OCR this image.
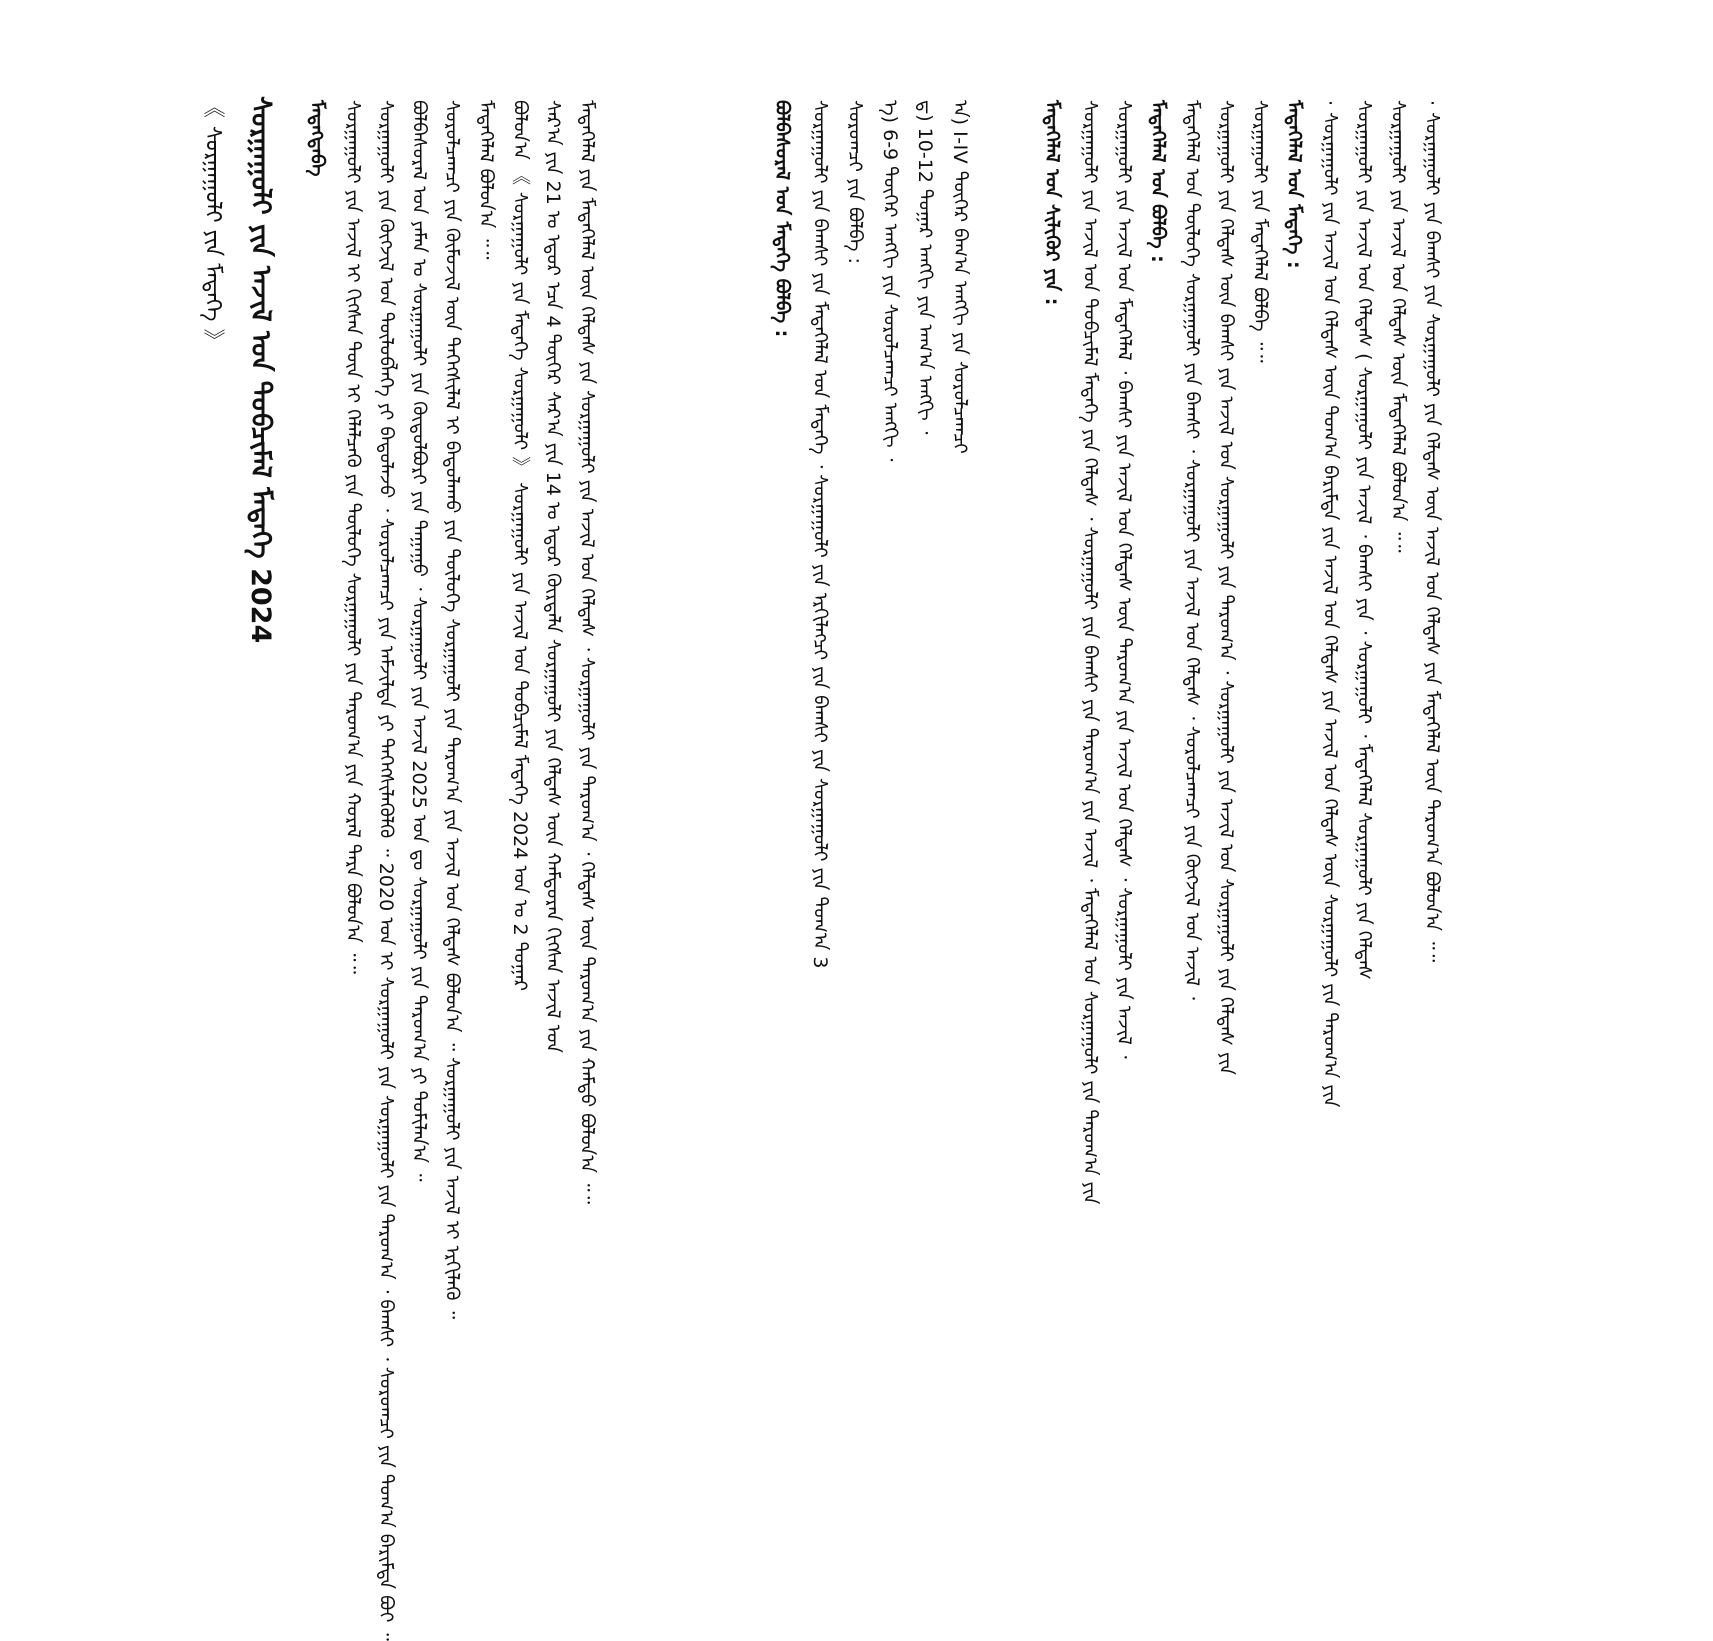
《 ᠰᠤᠷᠭᠠᠭᠤᠯᠢ ᠶᠢᠨ ᠮᠡᠳᠡᠭᠡ 》 ᠰᠤᠷᠭᠠᠭᠤᠯᠢ ᠶᠢᠨ ᠠᠵᠢᠯ ᠤᠨ ᠲᠣᠪᠴᠢᠮᠠᠯ ᠮᠡᠳᠡᠭᠡ 2024 ᠮᠡᠳᠡᠭᠳᠡᠪᠡ ᠰᠤᠷᠭᠠᠭᠤᠯᠢ ᠶᠢᠨ ᠠᠵᠢᠯ ᠢ ᠬᠢᠭᠰᠡᠨ ᠳᠦᠨ ᠢ ᠬᠡᠯᠡᠯᠴᠡᠬᠦ ᠶᠢᠨ ᠲᠥᠯᠥᠭᠡ ᠰᠤᠷᠭᠠᠭᠤᠯᠢ ᠶᠢᠨ ᠳᠠᠷᠤᠭ᠎ᠠ ᠶᠢᠨ ᠬᠤᠷᠠᠯ ᠲᠡᠷᠡ ᠪᠣᠯᠤᠨ᠎ᠠ ᠃᠃ ᠰᠤᠷᠭᠠᠭᠤᠯᠢ ᠶᠢᠨ ᠬᠥᠭᠵᠢᠯ ᠤᠨ ᠲᠥᠯᠥᠪᠯᠡᠭᠡ ᠶᠢ ᠪᠠᠲᠤᠯᠠᠵᠤ ᠂ ᠰᠤᠷᠤᠯᠴᠠᠭᠴᠢ ᠶᠢᠨ ᠠᠮᠵᠢᠯᠲᠠ ᠶᠢ ᠳᠡᠭᠡᠭᠰᠢᠯᠡᠭᠦᠯᠬᠦ ᠃ 2020 ᠣᠨ ᠢ ᠰᠤᠷᠭᠠᠭᠤᠯᠢ ᠶᠢᠨ ᠰᠤᠷᠭᠠᠭᠤᠯᠢ ᠶᠢᠨ ᠳᠠᠷᠤᠭ᠎ᠠ ᠂ ᠪᠠᠭᠰᠢ ᠂ ᠰᠤᠷᠤᠭᠴᠢ ᠶᠢᠨ ᠲᠣᠭ᠎ᠠ ᠪᠠᠷᠢᠮᠲᠠ ᠪᠤᠢ ᠃ ᠪᠣᠯᠪᠠᠰᠤᠷᠠᠯ ᠤᠨ ᠶᠠᠮᠠᠨ ᠤ ᠰᠤᠷᠭᠠᠭᠤᠯᠢ ᠶᠢᠨ ᠬᠥᠲᠦᠯᠪᠦᠷᠢ ᠶᠢᠨ ᠳᠠᠭᠠᠭᠤ ᠂ ᠰᠤᠷᠭᠠᠭᠤᠯᠢ ᠶᠢᠨ ᠠᠵᠢᠯ 2025 ᠣᠨ ᠳᠤ ᠰᠤᠷᠭᠠᠭᠤᠯᠢ ᠶᠢᠨ ᠳᠠᠷᠤᠭ᠎ᠠ ᠶᠢ ᠲᠣᠮᠢᠯᠠᠨ᠎ᠠ ᠃ ᠰᠤᠷᠤᠯᠴᠠᠭᠴᠢ ᠶᠢᠨ ᠬᠦᠮᠦᠵᠢᠯ ᠦᠨ ᠳᠡᠭᠡᠭᠰᠢᠯᠡᠯ ᠢ ᠪᠠᠲᠤᠯᠠᠬᠤ ᠶᠢᠨ ᠲᠥᠯᠥᠭᠡ ᠰᠤᠷᠭᠠᠭᠤᠯᠢ ᠶᠢᠨ ᠳᠠᠷᠤᠭ᠎ᠠ ᠶᠢᠨ ᠠᠵᠢᠯ ᠤᠨ ᠬᠡᠯᠲᠡᠰ ᠪᠣᠯᠤᠨ᠎ᠠ ᠃ ᠰᠤᠷᠭᠠᠭᠤᠯᠢ ᠶᠢᠨ ᠠᠵᠢᠯ ᠢ ᠡᠷᠬᠢᠯᠡᠬᠦ ᠃ ᠮᠡᠳᠡᠭᠡᠯᠡᠯ ᠪᠣᠯᠤᠨ᠎ᠠ ᠃᠃ ᠪᠣᠯᠤᠨ᠎ᠠ 《 ᠰᠤᠷᠭᠠᠭᠤᠯᠢ ᠶᠢᠨ ᠮᠡᠳᠡᠭᠡ ᠰᠤᠷᠭᠠᠭᠤᠯᠢ 》 ᠰᠤᠷᠭᠠᠭᠤᠯᠢ ᠶᠢᠨ ᠠᠵᠢᠯ ᠤᠨ ᠲᠣᠪᠴᠢᠮᠠᠯ ᠮᠡᠳᠡᠭᠡ 2024 ᠣᠨ ᠤ 2 ᠳᠤᠭᠠᠷ ᠰᠠᠷ᠎ᠠ ᠶᠢᠨ 21 ᠤ ᠡᠳᠦᠷ ᠡᠴᠡ 4 ᠳᠦᠭᠡᠷ ᠰᠠᠷ᠎ᠠ ᠶᠢᠨ 14 ᠤ ᠡᠳᠦᠷ ᠬᠦᠷᠲᠡᠯᠡ ᠰᠤᠷᠭᠠᠭᠤᠯᠢ ᠶᠢᠨ ᠬᠡᠯᠲᠡᠰ ᠦᠨ ᠬᠠᠮᠲᠤᠷᠠᠨ ᠬᠢᠭᠰᠡᠨ ᠠᠵᠢᠯ ᠤᠨ ᠮᠡᠳᠡᠭᠡᠯᠡᠯ ᠶᠢᠨ ᠮᠡᠳᠡᠭᠡᠯᠡᠯ ᠦᠨ ᠬᠡᠯᠲᠡᠰ ᠶᠢᠨ ᠰᠤᠷᠭᠠᠭᠤᠯᠢ ᠶᠢᠨ ᠠᠵᠢᠯ ᠤᠨ ᠬᠡᠯᠲᠡᠰ ᠂ ᠰᠤᠷᠭᠠᠭᠤᠯᠢ ᠶᠢᠨ ᠳᠠᠷᠤᠭ᠎ᠠ ᠂ ᠬᠡᠯᠲᠡᠰ ᠦᠨ ᠳᠠᠷᠤᠭ᠎ᠠ ᠶᠢᠨ ᠬᠠᠮᠲᠤ ᠪᠣᠯᠤᠨ᠎ᠠ ᠃᠃	ᠪᠣᠯᠪᠠᠰᠤᠷᠠᠯ ᠤᠨ ᠮᠡᠳᠡᠭᠡ ᠪᠣᠯᠪᠠ : ᠰᠤᠷᠭᠠᠭᠤᠯᠢ ᠶᠢᠨ ᠪᠠᠭᠰᠢ ᠶᠢᠨ ᠮᠡᠳᠡᠭᠡᠯᠡᠯ ᠤᠨ ᠮᠡᠳᠡᠭᠡ ᠂ ᠰᠤᠷᠭᠠᠭᠤᠯᠢ ᠶᠢᠨ ᠡᠷᠬᠢᠯᠡᠭᠴᠢ ᠶᠢᠨ ᠪᠠᠭᠰᠢ ᠶᠢᠨ ᠰᠤᠷᠭᠠᠭᠤᠯᠢ ᠶᠢᠨ ᠲᠣᠭ᠎ᠠ 3 ᠰᠤᠷᠤᠭᠴᠢ ᠶᠢᠨ ᠪᠣᠯᠪᠠ : ᠡ) 6-9 ᠳᠦᠭᠡᠷ ᠠᠩᠭᠢ ᠶᠢᠨ ᠰᠤᠷᠤᠯᠴᠠᠭᠴᠢ ᠠᠩᠭᠢ ᠂ ᠳ) 10-12 ᠳᠤᠭᠠᠷ ᠠᠩᠭᠢ ᠶᠢᠨ ᠠᠬ᠎ᠠ ᠠᠩᠭᠢ ᠂ ᠠ) I-IV ᠳᠦᠭᠡᠷ ᠪᠠᠭ᠎ᠠ ᠠᠩᠭᠢ ᠶᠢᠨ ᠰᠤᠷᠤᠯᠴᠠᠭᠴᠢ	ᠮᠡᠳᠡᠭᠡᠯᠡᠯ ᠤᠨ ᠰᠢᠯᠢᠭᠦᠷ ᠶᠢᠨ : ᠰᠤᠷᠭᠠᠭᠤᠯᠢ ᠶᠢᠨ ᠠᠵᠢᠯ ᠤᠨ ᠲᠣᠪᠴᠢᠮᠠᠯ ᠮᠡᠳᠡᠭᠡ ᠶᠢᠨ ᠬᠡᠯᠲᠡᠰ ᠂ ᠰᠤᠷᠭᠠᠭᠤᠯᠢ ᠶᠢᠨ ᠪᠠᠭᠰᠢ ᠶᠢᠨ ᠳᠠᠷᠤᠭ᠎ᠠ ᠶᠢᠨ ᠠᠵᠢᠯ ᠂ ᠮᠡᠳᠡᠭᠡᠯᠡᠯ ᠤᠨ ᠰᠤᠷᠭᠠᠭᠤᠯᠢ ᠶᠢᠨ ᠳᠠᠷᠤᠭ᠎ᠠ ᠶᠢᠨ ᠰᠤᠷᠭᠠᠭᠤᠯᠢ ᠶᠢᠨ ᠠᠵᠢᠯ ᠤᠨ ᠮᠡᠳᠡᠭᠡᠯᠡᠯ ᠂ ᠪᠠᠭᠰᠢ ᠶᠢᠨ ᠠᠵᠢᠯ ᠤᠨ ᠬᠡᠯᠲᠡᠰ ᠦᠨ ᠳᠠᠷᠤᠭ᠎ᠠ ᠶᠢᠨ ᠠᠵᠢᠯ ᠤᠨ ᠬᠡᠯᠲᠡᠰ ᠂ ᠰᠤᠷᠭᠠᠭᠤᠯᠢ ᠶᠢᠨ ᠠᠵᠢᠯ ᠂ ᠮᠡᠳᠡᠭᠡᠯᠡᠯ ᠤᠨ ᠪᠣᠯᠪᠠ : ᠮᠡᠳᠡᠭᠡᠯᠡᠯ ᠤᠨ ᠲᠥᠯᠥᠭᠡ ᠰᠤᠷᠭᠠᠭᠤᠯᠢ ᠶᠢᠨ ᠪᠠᠭᠰᠢ ᠂ ᠰᠤᠷᠭᠠᠭᠤᠯᠢ ᠶᠢᠨ ᠠᠵᠢᠯ ᠤᠨ ᠬᠡᠯᠲᠡᠰ ᠂ ᠰᠤᠷᠤᠯᠴᠠᠭᠴᠢ ᠶᠢᠨ ᠬᠥᠭᠵᠢᠯ ᠤᠨ ᠠᠵᠢᠯ ᠂ ᠰᠤᠷᠭᠠᠭᠤᠯᠢ ᠶᠢᠨ ᠬᠡᠯᠲᠡᠰ ᠦᠨ ᠪᠠᠭᠰᠢ ᠶᠢᠨ ᠠᠵᠢᠯ ᠤᠨ ᠰᠤᠷᠭᠠᠭᠤᠯᠢ ᠶᠢᠨ ᠳᠠᠷᠤᠭ᠎ᠠ ᠂ ᠰᠤᠷᠭᠠᠭᠤᠯᠢ ᠶᠢᠨ ᠠᠵᠢᠯ ᠤᠨ ᠰᠤᠷᠭᠠᠭᠤᠯᠢ ᠶᠢᠨ ᠬᠡᠯᠲᠡᠰ ᠶᠢᠨ ᠰᠤᠷᠭᠠᠭᠤᠯᠢ ᠶᠢᠨ ᠮᠡᠳᠡᠭᠡᠯᠡᠯ ᠪᠣᠯᠪᠠ ᠃᠃ ᠮᠡᠳᠡᠭᠡᠯᠡᠯ ᠤᠨ ᠮᠡᠳᠡᠭᠡ : · ᠰᠤᠷᠭᠠᠭᠤᠯᠢ ᠶᠢᠨ ᠠᠵᠢᠯ ᠤᠨ ᠬᠡᠯᠲᠡᠰ ᠦᠨ ᠲᠣᠭ᠎ᠠ ᠪᠠᠷᠢᠮᠲᠠ ᠶᠢᠨ ᠠᠵᠢᠯ ᠤᠨ ᠬᠡᠯᠲᠡᠰ ᠶᠢᠨ ᠠᠵᠢᠯ ᠤᠨ ᠬᠡᠯᠲᠡᠰ ᠦᠨ ᠰᠤᠷᠭᠠᠭᠤᠯᠢ ᠶᠢᠨ ᠳᠠᠷᠤᠭ᠎ᠠ ᠶᠢᠨ ᠰᠤᠷᠭᠠᠭᠤᠯᠢ ᠶᠢᠨ ᠠᠵᠢᠯ ᠤᠨ ᠬᠡᠯᠲᠡᠰ ( ᠰᠤᠷᠭᠠᠭᠤᠯᠢ ᠶᠢᠨ ᠠᠵᠢᠯ ᠂ ᠪᠠᠭᠰᠢ ᠶᠢᠨ ᠂ ᠰᠤᠷᠭᠠᠭᠤᠯᠢ ᠂ ᠮᠡᠳᠡᠭᠡᠯᠡᠯ ᠰᠤᠷᠭᠠᠭᠤᠯᠢ ᠶᠢᠨ ᠬᠡᠯᠲᠡᠰ ᠰᠤᠷᠭᠠᠭᠤᠯᠢ ᠶᠢᠨ ᠠᠵᠢᠯ ᠤᠨ ᠬᠡᠯᠲᠡᠰ ᠦᠨ ᠮᠡᠳᠡᠭᠡᠯᠡᠯ ᠪᠣᠯᠤᠨ᠎ᠠ ᠃᠃ · ᠰᠤᠷᠭᠠᠭᠤᠯᠢ ᠶᠢᠨ ᠪᠠᠭᠰᠢ ᠶᠢᠨ ᠰᠤᠷᠭᠠᠭᠤᠯᠢ ᠶᠢᠨ ᠬᠡᠯᠲᠡᠰ ᠦᠨ ᠠᠵᠢᠯ ᠤᠨ ᠬᠡᠯᠲᠡᠰ ᠶᠢᠨ ᠮᠡᠳᠡᠭᠡᠯᠡᠯ ᠦᠨ ᠳᠠᠷᠤᠭ᠎ᠠ ᠪᠣᠯᠤᠨ᠎ᠠ ᠃᠃
